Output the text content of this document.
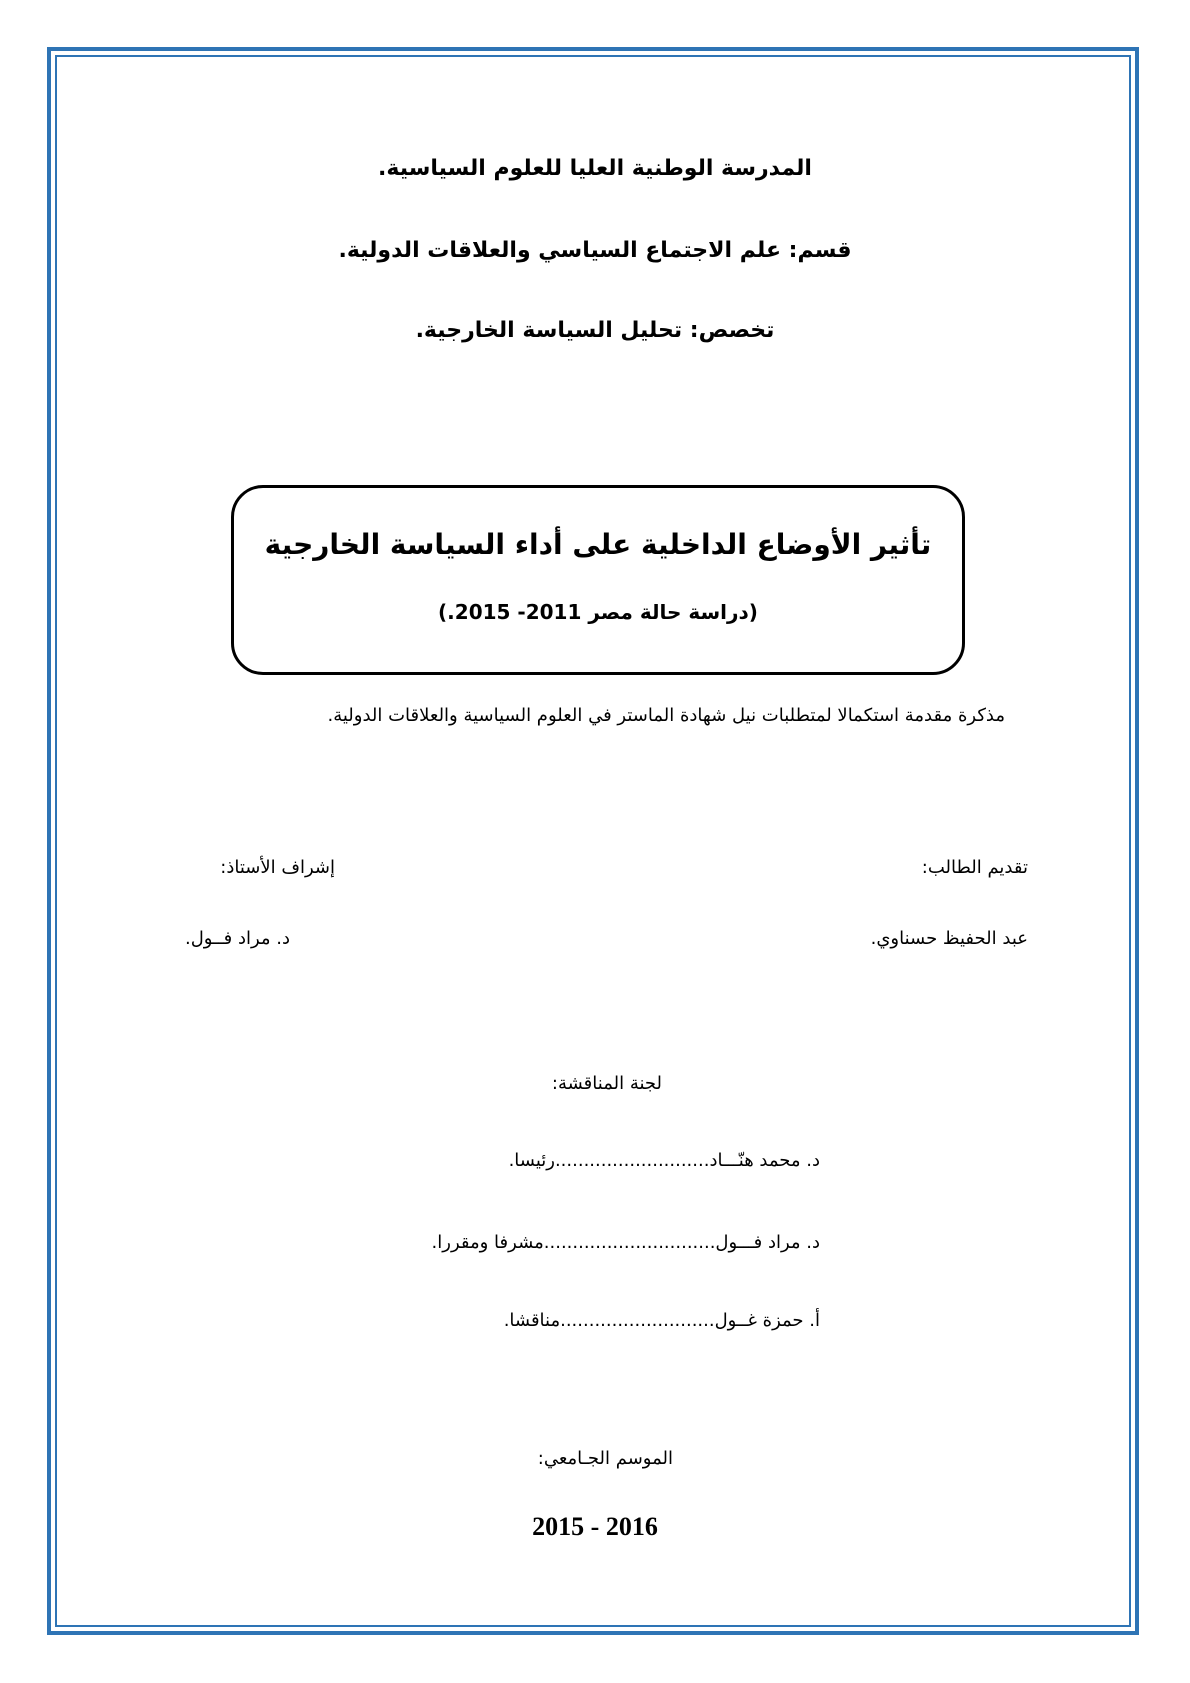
المدرسة الوطنية العليا للعلوم السياسية.
قسم: علم الاجتماع السياسي والعلاقات الدولية.
تخصص: تحليل السياسة الخارجية.
تأثير الأوضاع الداخلية على أداء السياسة الخارجية
(دراسة حالة مصر 2011- 2015.)
مذكرة مقدمة استكمالا لمتطلبات نيل شهادة الماستر في العلوم السياسية والعلاقات الدولية.
تقديم الطالب:
إشراف الأستاذ:
عبد الحفيظ حسناوي.
د. مراد فــول.
لجنة المناقشة:
د. محمد هنّـــاد...........................رئيسا.
د. مراد فـــول..............................مشرفا ومقررا.
أ. حمزة غــول...........................مناقشا.
الموسم الجـامعي:
2015 - 2016
